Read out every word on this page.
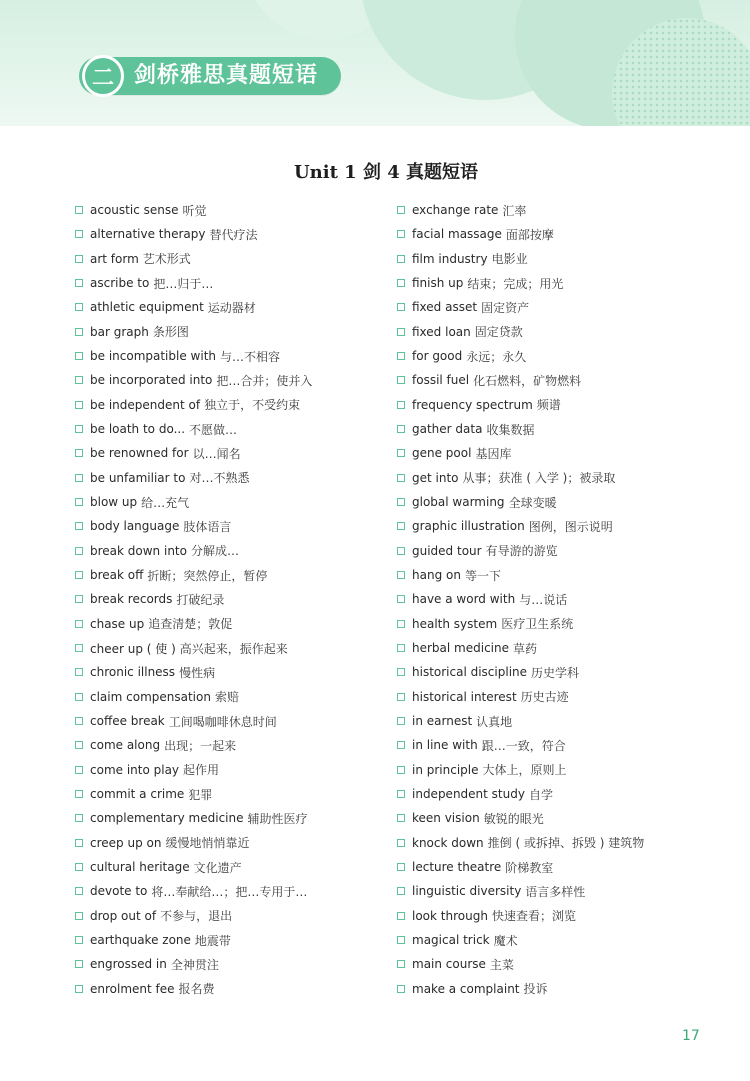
二 剑桥雅思真题短语
Unit 1 剑 4 真题短语
acoustic sense 听觉
alternative therapy 替代疗法
art form 艺术形式
ascribe to 把…归于…
athletic equipment 运动器材
bar graph 条形图
be incompatible with 与…不相容
be incorporated into 把…合并；使并入
be independent of 独立于，不受约束
be loath to do... 不愿做…
be renowned for 以…闻名
be unfamiliar to 对…不熟悉
blow up 给…充气
body language 肢体语言
break down into 分解成…
break off 折断；突然停止，暂停
break records 打破纪录
chase up 追查清楚；敦促
cheer up ( 使 ) 高兴起来，振作起来
chronic illness 慢性病
claim compensation 索赔
coffee break 工间喝咖啡休息时间
come along 出现；一起来
come into play 起作用
commit a crime 犯罪
complementary medicine 辅助性医疗
creep up on 缓慢地悄悄靠近
cultural heritage 文化遗产
devote to 将…奉献给…；把…专用于…
drop out of 不参与，退出
earthquake zone 地震带
engrossed in 全神贯注
enrolment fee 报名费
exchange rate 汇率
facial massage 面部按摩
film industry 电影业
finish up 结束；完成；用光
fixed asset 固定资产
fixed loan 固定贷款
for good 永远；永久
fossil fuel 化石燃料，矿物燃料
frequency spectrum 频谱
gather data 收集数据
gene pool 基因库
get into 从事；获准 ( 入学 )；被录取
global warming 全球变暖
graphic illustration 图例，图示说明
guided tour 有导游的游览
hang on 等一下
have a word with 与…说话
health system 医疗卫生系统
herbal medicine 草药
historical discipline 历史学科
historical interest 历史古迹
in earnest 认真地
in line with 跟…一致，符合
in principle 大体上，原则上
independent study 自学
keen vision 敏锐的眼光
knock down 推倒 ( 或拆掉、拆毁 ) 建筑物
lecture theatre 阶梯教室
linguistic diversity 语言多样性
look through 快速查看；浏览
magical trick 魔术
main course 主菜
make a complaint 投诉
17
